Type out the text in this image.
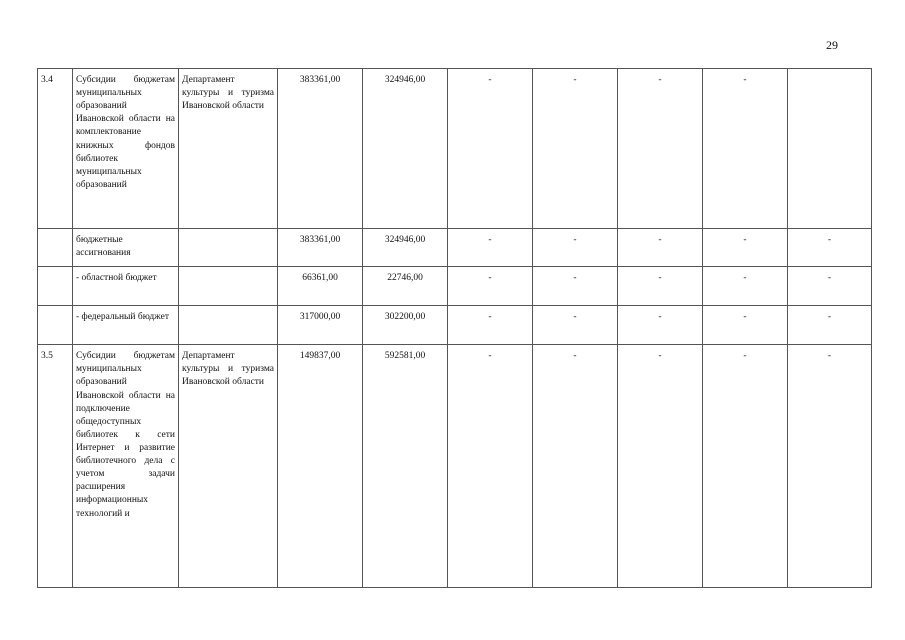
29
3.4	Субсидии бюджетам муниципальных образований Ивановской области на комплектование книжных фондов библиотек муниципальных образований	Департамент культуры и туризма Ивановской области	383361,00	324946,00	-	-	-	-	
	бюджетные ассигнования		383361,00	324946,00	-	-	-	-	-
	- областной бюджет		66361,00	22746,00	-	-	-	-	-
	- федеральный бюджет		317000,00	302200,00	-	-	-	-	-
3.5	Субсидии бюджетам муниципальных образований Ивановской области на подключение общедоступных библиотек к сети Интернет и развитие библиотечного дела с учетом задачи расширения информационных технологий и	Департамент культуры и туризма Ивановской области	149837,00	592581,00	-	-	-	-	-
